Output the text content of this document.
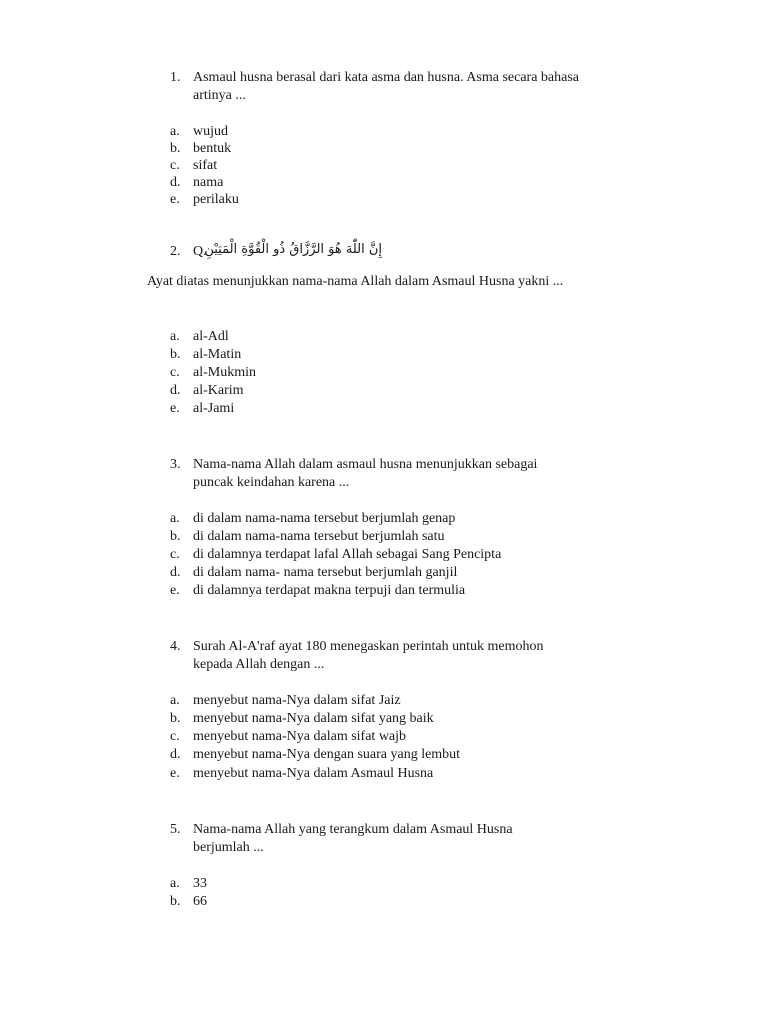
1. Asmaul husna berasal dari kata asma dan husna. Asma secara bahasa
artinya ...
a. wujud
b. bentuk
c. sifat
d. nama
e. perilaku
2. Q.
إِنَّ اللّٰهَ هُوَ الرَّزَّاقُ ذُو الْقُوَّةِ الْمَتِيْنِ
Ayat diatas menunjukkan nama-nama Allah dalam Asmaul Husna yakni ...
a. al-Adl
b. al-Matin
c. al-Mukmin
d. al-Karim
e. al-Jami
3. Nama-nama Allah dalam asmaul husna menunjukkan sebagai
puncak keindahan karena ...
a. di dalam nama-nama tersebut berjumlah genap
b. di dalam nama-nama tersebut berjumlah satu
c. di dalamnya terdapat lafal Allah sebagai Sang Pencipta
d. di dalam nama- nama tersebut berjumlah ganjil
e. di dalamnya terdapat makna terpuji dan termulia
4. Surah Al-A'raf ayat 180 menegaskan perintah untuk memohon
kepada Allah dengan ...
a. menyebut nama-Nya dalam sifat Jaiz
b. menyebut nama-Nya dalam sifat yang baik
c. menyebut nama-Nya dalam sifat wajb
d. menyebut nama-Nya dengan suara yang lembut
e. menyebut nama-Nya dalam Asmaul Husna
5. Nama-nama Allah yang terangkum dalam Asmaul Husna
berjumlah ...
a. 33
b. 66
